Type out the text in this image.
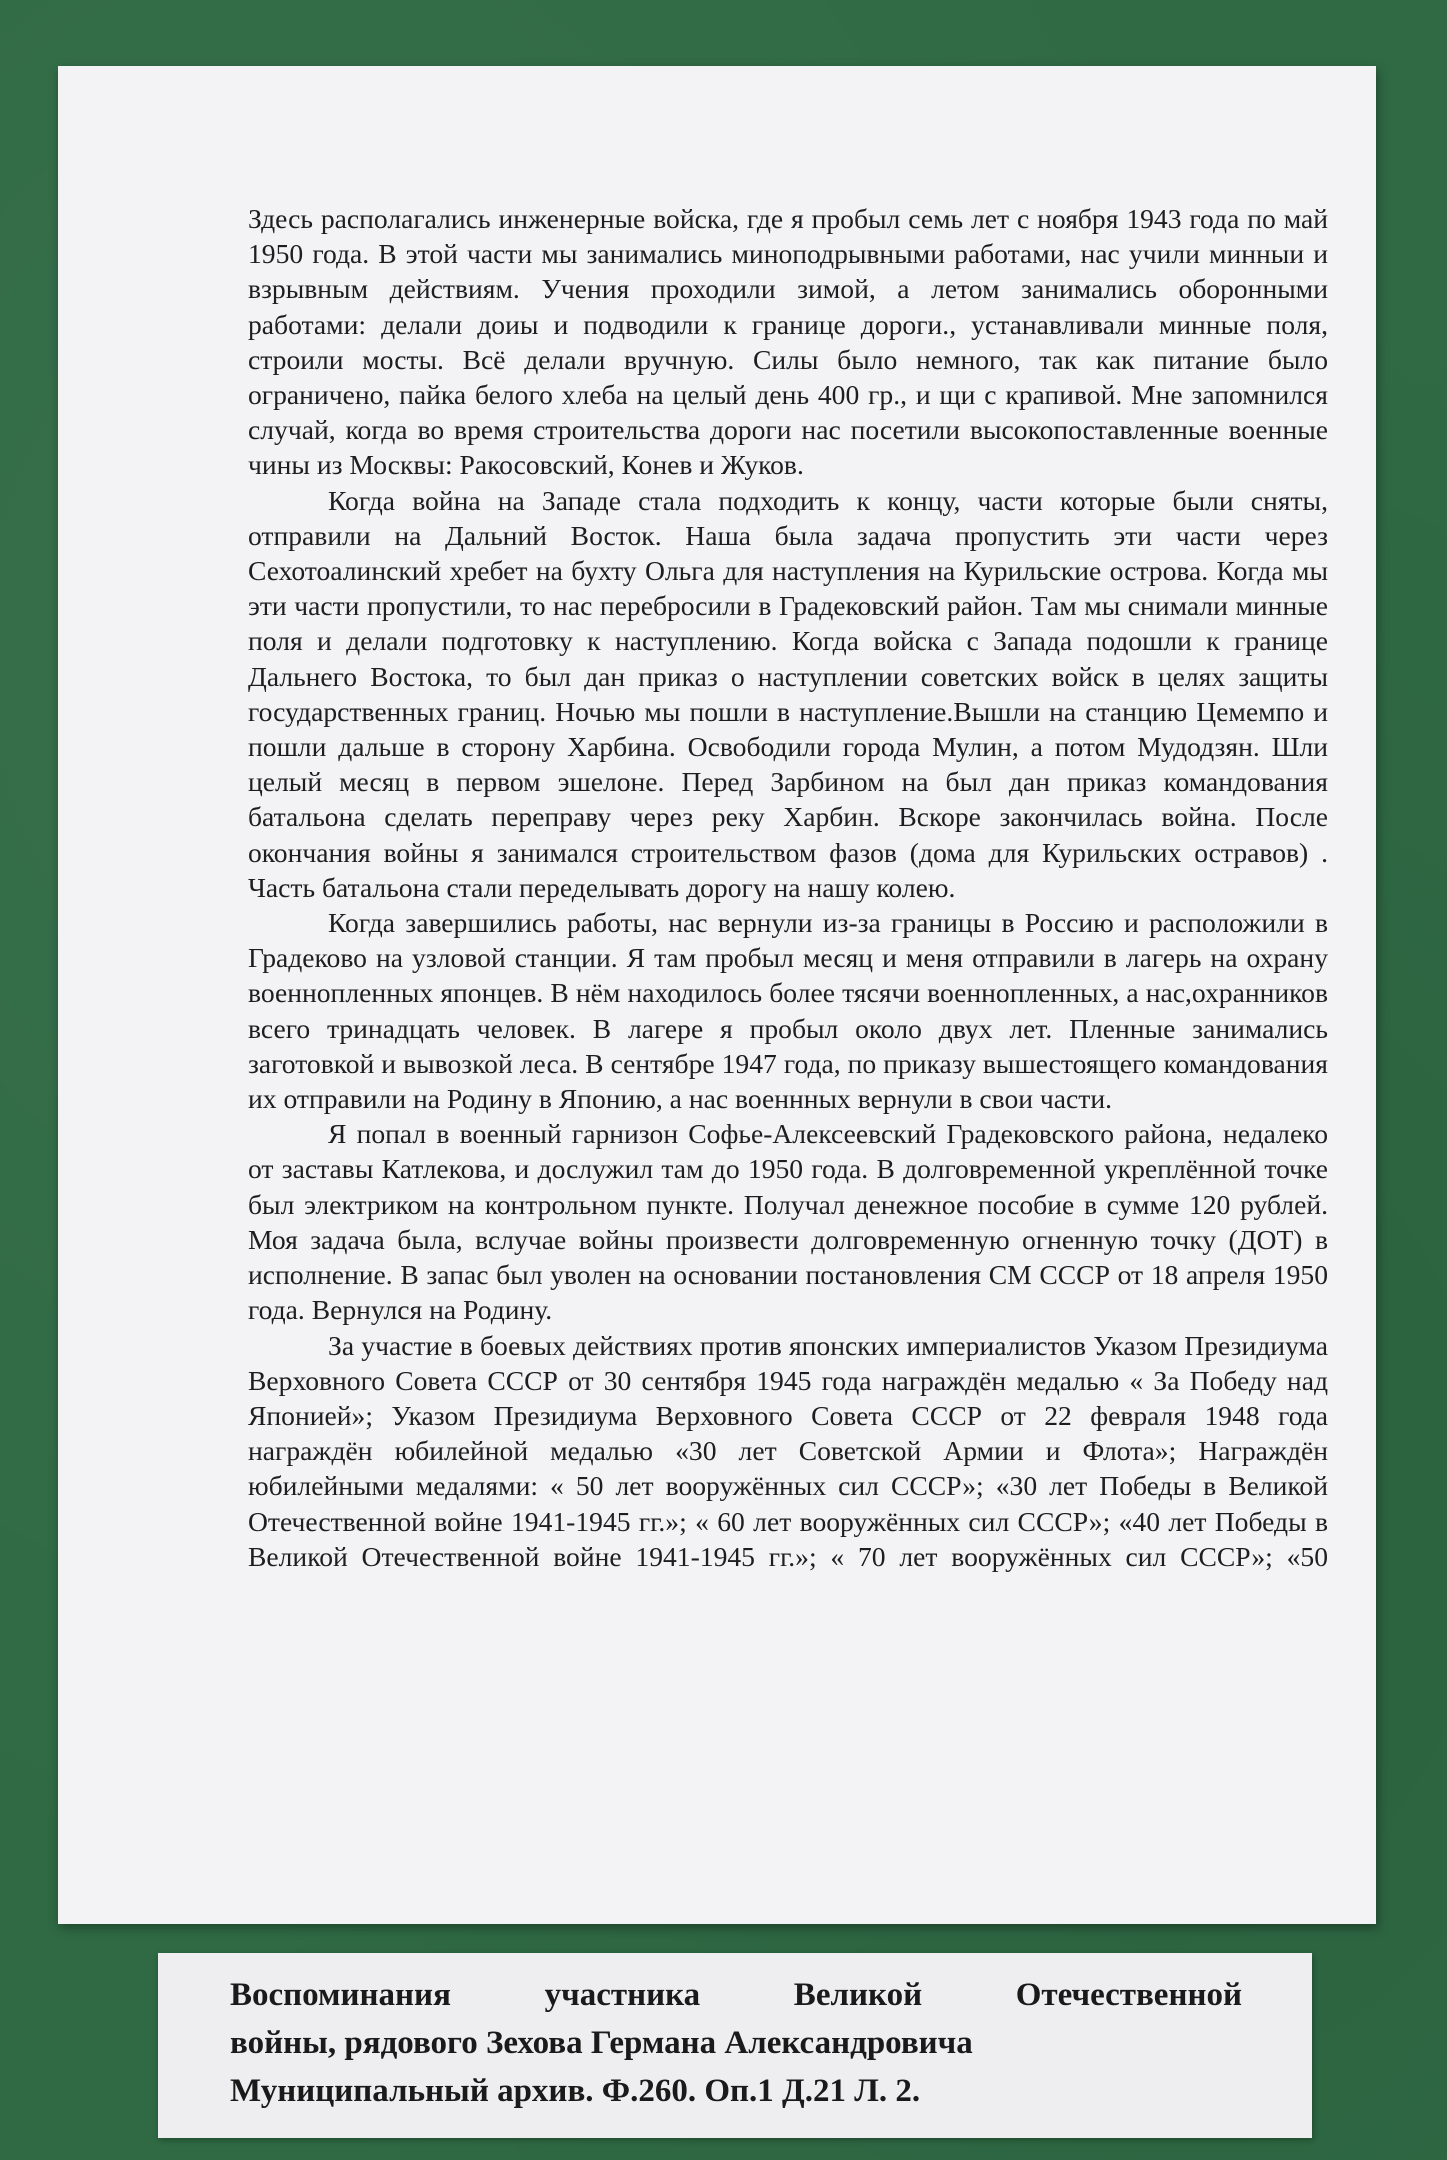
Здесь располагались инженерные войска, где я пробыл семь лет с ноября 1943 года по май 1950 года. В этой части мы занимались миноподрывными работами, нас учили минныи и взрывным действиям. Учения проходили зимой, а летом занимались оборонными работами: делали доиы и подводили к границе дороги., устанавливали минные поля, строили мосты. Всё делали вручную. Силы было немного, так как питание было ограничено, пайка белого хлеба на целый день 400 гр., и щи с крапивой. Мне запомнился случай, когда во время строительства дороги нас посетили высокопоставленные военные чины из Москвы: Ракосовский, Конев и Жуков.

Когда война на Западе стала подходить к концу, части которые были сняты, отправили на Дальний Восток. Наша была задача пропустить эти части через Сехотоалинский хребет на бухту Ольга для наступления на Курильские острова. Когда мы эти части пропустили, то нас перебросили в Градековский район. Там мы снимали минные поля и делали подготовку к наступлению. Когда войска с Запада подошли к границе Дальнего Востока, то был дан приказ о наступлении советских войск в целях защиты государственных границ. Ночью мы пошли в наступление.Вышли на станцию Цемемпо и пошли дальше в сторону Харбина. Освободили города Мулин, а потом Мудодзян. Шли целый месяц в первом эшелоне. Перед Зарбином на был дан приказ командования батальона сделать переправу через реку Харбин. Вскоре закончилась война. После окончания войны я занимался строительством фазов (дома для Курильских остравов) . Часть батальона стали переделывать дорогу на нашу колею.

Когда завершились работы, нас вернули из-за границы в Россию и расположили в Градеково на узловой станции. Я там пробыл месяц и меня отправили в лагерь на охрану военнопленных японцев. В нём находилось более тясячи военнопленных, а нас,охранников всего тринадцать человек. В лагере я пробыл около двух лет. Пленные занимались заготовкой и вывозкой леса. В сентябре 1947 года, по приказу вышестоящего командования их отправили на Родину в Японию, а нас военнных вернули в свои части.

Я попал в военный гарнизон Софье-Алексеевский Градековского района, недалеко от заставы Катлекова, и дослужил там до 1950 года. В долговременной укреплённой точке был электриком на контрольном пункте. Получал денежное пособие в сумме 120 рублей. Моя задача была, вслучае войны произвести долговременную огненную точку (ДОТ) в исполнение. В запас был уволен на основании постановления СМ СССР от 18 апреля 1950 года. Вернулся на Родину.

За участие в боевых действиях против японских империалистов Указом Президиума Верховного Совета СССР от 30 сентября 1945 года награждён медалью « За Победу над Японией»; Указом Президиума Верховного Совета СССР от 22 февраля 1948 года награждён юбилейной медалью «30 лет Советской Армии и Флота»; Награждён юбилейными медалями: « 50 лет вооружённых сил СССР»; «30 лет Победы в Великой Отечественной войне 1941-1945 гг.»; « 60 лет вооружённых сил СССР»; «40 лет Победы в Великой Отечественной войне 1941-1945 гг.»; « 70 лет вооружённых сил СССР»; «50

Воспоминания участника Великой Отечественной
войны, рядового Зехова Германа Александровича
Муниципальный архив. Ф.260. Оп.1 Д.21 Л. 2.
